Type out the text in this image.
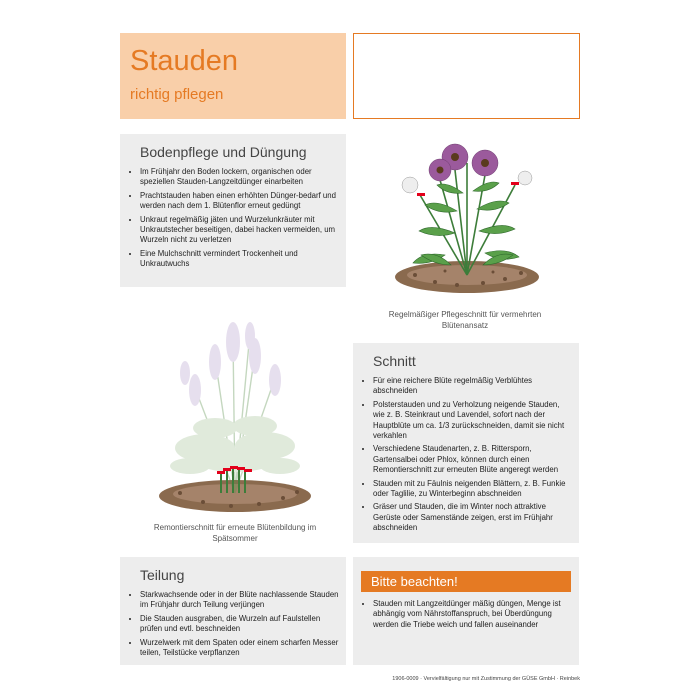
Stauden
richtig pflegen
Bodenpflege und Düngung
• Im Frühjahr den Boden lockern, organischen oder speziellen Stauden-Langzeitdünger einarbeiten
• Prachtstauden haben einen erhöhten Dünger-bedarf und werden nach dem 1. Blütenflor erneut gedüngt
• Unkraut regelmäßig jäten und Wurzelunkräuter mit Unkrautstecher beseitigen, dabei hacken vermeiden, um Wurzeln nicht zu verletzen
• Eine Mulchschnitt vermindert Trockenheit und Unkrautwuchs
Regelmäßiger Pflegeschnitt für vermehrten Blütenansatz
Remontierschnitt für erneute Blütenbildung im Spätsommer
Schnitt
• Für eine reichere Blüte regelmäßig Verblühtes abschneiden
• Polsterstauden und zu Verholzung neigende Stauden, wie z. B. Steinkraut und Lavendel, sofort nach der Hauptblüte um ca. 1/3 zurückschneiden, damit sie nicht verkahlen
• Verschiedene Staudenarten, z. B. Rittersporn, Gartensalbei oder Phlox, können durch einen Remontierschnitt zur erneuten Blüte angeregt werden
• Stauden mit zu Fäulnis neigenden Blättern, z. B. Funkie oder Taglilie, zu Winterbeginn abschneiden
• Gräser und Stauden, die im Winter noch attraktive Gerüste oder Samenstände zeigen, erst im Frühjahr abschneiden
Teilung
• Starkwachsende oder in der Blüte nachlassende Stauden im Frühjahr durch Teilung verjüngen
• Die Stauden ausgraben, die Wurzeln auf Faulstellen prüfen und evtl. beschneiden
• Wurzelwerk mit dem Spaten oder einem scharfen Messer teilen, Teilstücke verpflanzen
Bitte beachten!
• Stauden mit Langzeitdünger mäßig düngen, Menge ist abhängig vom Nährstoffanspruch, bei Überdüngung werden die Triebe weich und fallen auseinander
1906-0009 · Vervielfältigung nur mit Zustimmung der GÜSE GmbH · Reinbek
